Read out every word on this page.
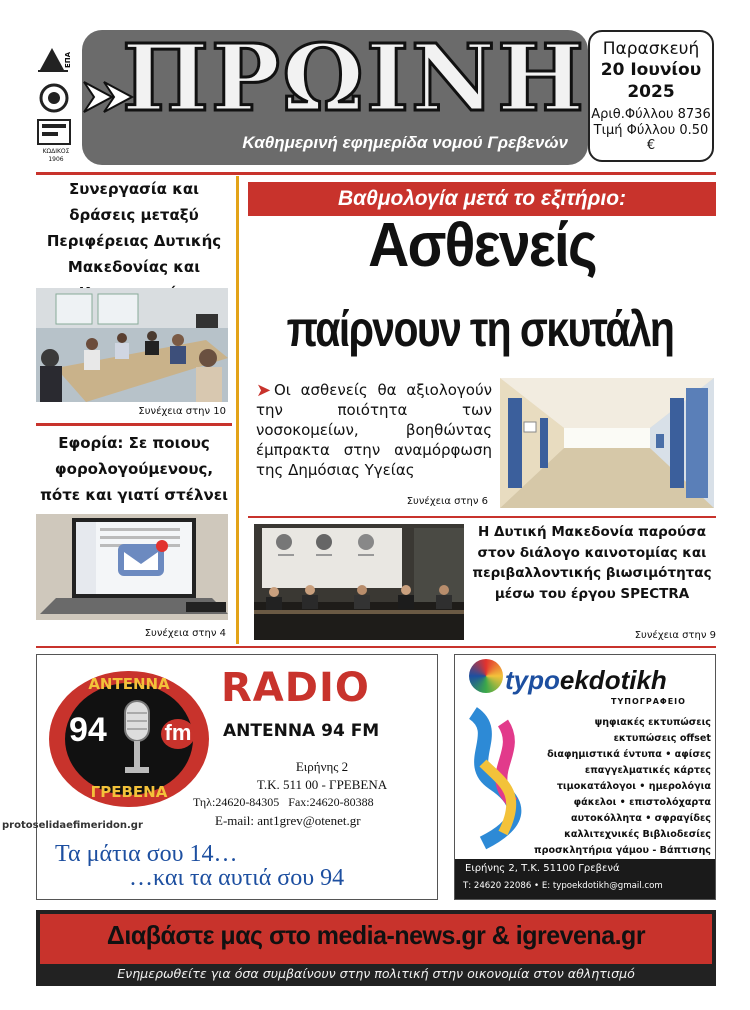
ΕΠΑ
ΚΩΔΙΚΟΣ
1906
ΠΡΩΙΝΗ
Καθημερινή εφημερίδα νομού Γρεβενών
Παρασκευή
20 Ιουνίου
2025
Αριθ.Φύλλου 8736
Τιμή Φύλλου 0.50 €
Συνεργασία και δράσεις μεταξύ Περιφέρειας Δυτικής Μακεδονίας και
Συνέχεια στην 10
Εφορία: Σε ποιους φορολογούμενους, πότε και γιατί στέλνει
Συνέχεια στην 4
Βαθμολογία μετά το εξιτήριο:
Ασθενείς
παίρνουν τη σκυτάλη
➤ Οι ασθενείς θα αξιολογούν την ποιότητα των νοσοκομείων, βοηθώντας έμπρακτα στην αναμόρφωση της Δημόσιας Υγείας
Συνέχεια στην 6
Η Δυτική Μακεδονία παρούσα στον διάλογο καινοτομίας και περιβαλλοντικής βιωσιμότητας μέσω του έργου SPECTRA
Συνέχεια στην 9
ΑΝΤΕΝΝΑ
ΓΡΕΒΕΝΑ
94	fm
RADIO
ANTENNA 94 FM
Ειρήνης 2
Τ.Κ. 511 00 - ΓΡΕΒΕΝΑ
Τηλ:24620-84305   Fax:24620-80388
E-mail: ant1grev@otenet.gr
Τα μάτια σου 14…
…και τα αυτιά σου 94
protoselidaefimeridon.gr
typoekdotikh
ΤΥΠΟΓΡΑΦΕΙΟ
ψηφιακές εκτυπώσεις
εκτυπώσεις offset
διαφημιστικά έντυπα • αφίσες
επαγγελματικές κάρτες
τιμοκατάλογοι • ημερολόγια
φάκελοι • επιστολόχαρτα
αυτοκόλλητα • σφραγίδες
καλλιτεχνικές Βιβλιοδεσίες
προσκλητήρια γάμου - Βάπτισης
Ειρήνης 2, Τ.Κ. 51100 Γρεβενά
Τ: 24620 22086 • Ε: typoekdotikh@gmail.com
Διαβάστε μας στο media-news.gr & igrevena.gr
Ενημερωθείτε για όσα συμβαίνουν στην πολιτική στην οικονομία στον αθλητισμό
